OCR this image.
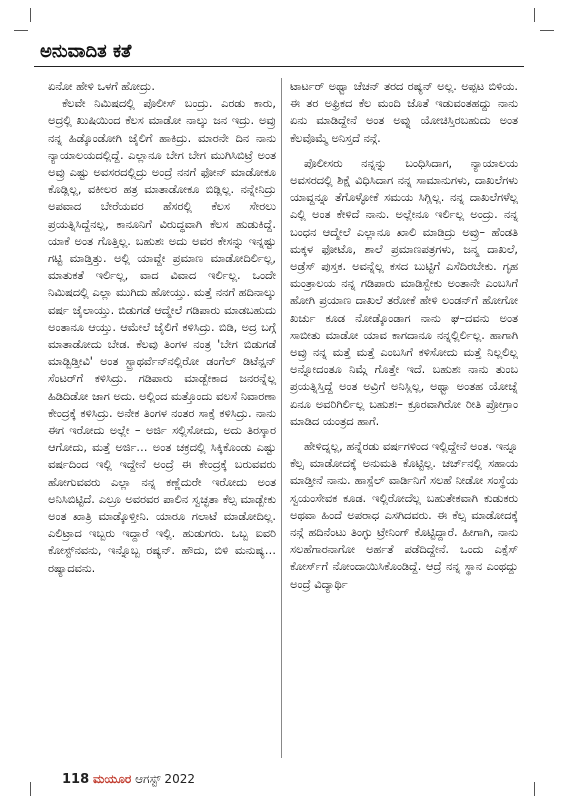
ಅನುವಾದಿತ ಕತೆ

ಏನೋ ಹೇಳಿ ಒಳಗೆ ಹೋದ್ರು.

ಕೆಲವೇ ನಿಮಿಷದಲ್ಲಿ ಪೊಲೀಸ್ ಬಂದ್ರು. ಎರಡು ಕಾರು, ಅದ್ರಲ್ಲಿ ಖುಷಿಯಿಂದ ಕೆಲಸ ಮಾಡೋ ನಾಲ್ಕು ಜನ ಇದ್ರು. ಅವ್ರು ನನ್ನ ಹಿಡ್ಕೊಂಡೋಗಿ ಜೈಲಿಗೆ ಹಾಕಿದ್ರು. ಮಾರನೇ ದಿನ ನಾನು ನ್ಯಾಯಾಲಯದಲ್ಲಿದ್ದೆ. ಎಲ್ಲಾನೂ ಬೇಗ ಬೇಗ ಮುಗಿಸಿಬಿಟ್ರೆ ಅಂತ ಅವ್ರು ಎಷ್ಟು ಅವಸರದಲ್ಲಿದ್ರು ಅಂದ್ರೆ ನನಗೆ ಫೋನ್ ಮಾಡೋಕೂ ಕೊಡ್ಲಿಲ್ಲ, ವಕೀಲರ ಹತ್ರ ಮಾತಾಡೋಕೂ ಬಿಡ್ಲಿಲ್ಲ. ನನ್ನೇನಿದ್ರು ಅಪವಾದ ಬೇರೆಯವರ ಹೆಸರಲ್ಲಿ ಕೆಲಸ ಸೇರಲು ಪ್ರಯತ್ನಿಸಿದ್ದೆನಲ್ಲ, ಕಾನೂನಿಗೆ ವಿರುದ್ಧವಾಗಿ ಕೆಲಸ ಹುಡುಕಿದ್ದೆ. ಯಾಕೆ ಅಂತ ಗೊತ್ತಿಲ್ಲ. ಬಹುಶಃ ಅದು ಅವರ ಕೇಸನ್ನು ಇನ್ನಷ್ಟು ಗಟ್ಟಿ ಮಾಡ್ತಿತ್ತು. ಅಲ್ಲಿ ಯಾವ್ದೇ ಪ್ರಮಾಣ ಮಾಡೋದಿರ್ಲಿಲ್ಲ, ಮಾತುಕತೆ ಇರ್ಲಿಲ್ಲ, ವಾದ ವಿವಾದ ಇರ್ಲಿಲ್ಲ. ಒಂದೇ ನಿಮಿಷದಲ್ಲಿ ಎಲ್ಲಾ ಮುಗಿದು ಹೋಯ್ತು. ಮತ್ತೆ ನನಗೆ ಹದಿನಾಲ್ಕು ವರ್ಷ ಜೈಲಾಯ್ತು. ಬಿಡುಗಡೆ ಆದ್ಮೇಲೆ ಗಡಿಪಾರು ಮಾಡಬಹುದು ಅಂತಾನೂ ಆಯ್ತು. ಆಮೇಲೆ ಜೈಲಿಗೆ ಕಳಿಸಿದ್ರು. ಬಿಡಿ, ಅದ್ರ ಬಗ್ಗೆ ಮಾತಾಡೋದು ಬೇಡ. ಕೆಲವು ತಿಂಗಳ ನಂತ್ರ 'ಬೇಗ ಬಿಡುಗಡೆ ಮಾಡ್ಬಿಡ್ತೀವಿ' ಅಂತ ಸ್ಟ್ರಾಥರ್ವೆನ್‌ನಲ್ಲಿರೋ ಡಂಗೆಲ್ ಡಿಟೆನ್ಷನ್ ಸೆಂಟರ್‌ಗೆ ಕಳಿಸಿದ್ರು. ಗಡಿಪಾರು ಮಾಡ್ಬೇಕಾದ ಜನರನ್ನೆಲ್ಲ ಹಿಡಿದಿಡೋ ಜಾಗ ಅದು. ಅಲ್ಲಿಂದ ಮತ್ತೊಂದು ವಲಸೆ ನಿವಾರಣಾ ಕೇಂದ್ರಕ್ಕೆ ಕಳಿಸಿದ್ರು. ಅನೇಕ ತಿಂಗಳ ನಂತರ ಸಾಕ್ಸೆ ಕಳಿಸಿದ್ರು. ನಾನು ಈಗ ಇರೋದು ಅಲ್ಲೇ – ಅರ್ಜಿ ಸಲ್ಲಿಸೋದು, ಅದು ತಿರಸ್ಕಾರ ಆಗೋದು, ಮತ್ತೆ ಅರ್ಜಿ… ಅಂತ ಚಕ್ರದಲ್ಲಿ ಸಿಕ್ಕಿಕೊಂಡು ಎಷ್ಟು ವರ್ಷದಿಂದ ಇಲ್ಲಿ ಇದ್ದೇನೆ ಅಂದ್ರೆ ಈ ಕೇಂದ್ರಕ್ಕೆ ಬರುವವರು ಹೋಗುವವರು ಎಲ್ಲಾ ನನ್ನ ಕಣ್ಣೆದುರೇ ಇರೋದು ಅಂತ ಅನಿಸಿಬಿಟ್ಟಿದೆ. ಎಲ್ರೂ ಅವರವರ ಪಾಲಿನ ಸ್ವಚ್ಛತಾ ಕೆಲ್ಸ ಮಾಡ್ಬೇಕು ಅಂತ ಖಾತ್ರಿ ಮಾಡ್ಕೊಳ್ತೀನಿ. ಯಾರೂ ಗಲಾಟೆ ಮಾಡೋದಿಲ್ಲ. ಎಲಿಟ್ರಾದ ಇಬ್ಬರು ಇದ್ದಾರೆ ಇಲ್ಲಿ. ಹುಡುಗರು. ಒಬ್ಬ ಐವರಿ ಕೋಸ್ಟ್‌ನವನು, ಇನ್ನೊಬ್ಬ ರಷ್ಯನ್. ಹೌದು, ಬಿಳಿ ಮನುಷ್ಯ… ರಷ್ಯಾದವನು.

ಟಾರ್ಟರ್ ಅಥ್ವಾ ಚೆಚನ್ ತರದ ರಷ್ಯನ್ ಅಲ್ಲ. ಅಪ್ಪಟ ಬಿಳಿಯ. ಈ ತರ ಅಫ್ರಿಕದ ಕೆಲ ಮಂದಿ ಜೊತೆ ಇಡುವಂತಹದ್ದು ನಾನು ಏನು ಮಾಡಿದ್ದೇನೆ ಅಂತ ಅವ್ನು ಯೋಚಿಸ್ತಿರಬಹುದು ಅಂತ ಕೆಲವೊಮ್ಮೆ ಅನಿಸ್ತದೆ ನನ್ಗೆ.

ಪೊಲೀಸರು ನನ್ನನ್ನು ಬಂಧಿಸಿದಾಗ, ನ್ಯಾಯಾಲಯ ಅವಸರದಲ್ಲಿ ಶಿಕ್ಷೆ ವಿಧಿಸಿದಾಗ ನನ್ನ ಸಾಮಾನುಗಳು, ದಾಖಲೆಗಳು ಯಾವ್ದನ್ನೂ ತೆಗೊಳ್ಳೋಕೆ ಸಮಯ ಸಿಗ್ಲಿಲ್ಲ. ನನ್ನ ದಾಖಲೆಗಳೆಲ್ಲ ಎಲ್ಲಿ ಅಂತ ಕೇಳಿದೆ ನಾನು. ಅಲ್ಲೇನೂ ಇರ್ಲಿಲ್ಲ ಅಂದ್ರು. ನನ್ನ ಬಂಧನ ಆದ್ಮೇಲೆ ಎಲ್ಲಾನೂ ಖಾಲಿ ಮಾಡಿದ್ರು ಅವ್ರು– ಹೆಂಡತಿ ಮಕ್ಕಳ ಫೋಟೊ, ಶಾಲೆ ಪ್ರಮಾಣಪತ್ರಗಳು, ಜನ್ಮ ದಾಖಲೆ, ಅಡ್ರೆಸ್ ಪುಸ್ತಕ. ಅವನ್ನೆಲ್ಲ ಕಸದ ಬುಟ್ಟಿಗೆ ಎಸೆದಿರಬೇಕು. ಗೃಹ ಮಂತ್ರಾಲಯ ನನ್ನ ಗಡಿಪಾರು ಮಾಡಿಸ್ಬೇಕು ಅಂತಾನೇ ಎಂಬಸಿಗೆ ಹೋಗಿ ಪ್ರಯಾಣ ದಾಖಲೆ ತರೋಕೆ ಹೇಳಿ ಲಂಡನ್‌ಗೆ ಹೋಗೋ ಖರ್ಚು ಕೂಡ ನೋಡ್ಕೊಂಡಾಗ ನಾನು ಘ–ದವನು ಅಂತ ಸಾಬೀತು ಮಾಡೋ ಯಾವ ಕಾಗದಾನೂ ನನ್ನಲ್ಲಿರ್ಲಿಲ್ಲ. ಹಾಗಾಗಿ ಅವ್ರು ನನ್ನ ಮತ್ತೆ ಮತ್ತೆ ಎಂಬಸಿಗೆ ಕಳಿಸೋದು ಮತ್ತೆ ನಿಲ್ಲಲಿಲ್ಲ ಅನ್ನೋದಂತೂ ನಿಮ್ಗೆ ಗೊತ್ತೇ ಇದೆ. ಬಹುಶಃ ನಾನು ತುಂಬ ಪ್ರಯತ್ನಿಸ್ತಿದ್ದೆ ಅಂತ ಅವ್ರಿಗೆ ಅನಿಸ್ಲಿಲ್ಲ, ಅಥ್ವಾ ಅಂತಹ ಯೋಚ್ನೆ ಏನೂ ಅವರಿಗಿರ್ಲಿಲ್ಲ ಬಹುಶಃ– ಕ್ರೂರವಾಗಿರೋ ರೀತಿ ಪ್ರೋಗ್ರಾಂ ಮಾಡಿದ ಯಂತ್ರದ ಹಾಗೆ.

ಹೇಳಿದ್ನಲ್ಲ, ಹನ್ನೆರಡು ವರ್ಷಗಳಿಂದ ಇಲ್ಲಿದ್ದೇನೆ ಅಂತ. ಇನ್ನೂ ಕೆಲ್ಸ ಮಾಡೋದಕ್ಕೆ ಅನುಮತಿ ಕೊಟ್ಟಿಲ್ಲ. ಚರ್ಚ್‌ನಲ್ಲಿ ಸಹಾಯ ಮಾಡ್ತೀನೆ ನಾನು. ಹಾಸ್ಪೆಲ್ ವಾರ್ಡಿನಿಗೆ ಸಲಹೆ ನೀಡೋ ಸಂಸ್ಥೆಯ ಸ್ವಯಂಸೇವಕ ಕೂಡ. ಇಲ್ಲಿರೋದೆಲ್ಲ ಬಹುತೇಕವಾಗಿ ಕುಡುಕರು ಅಥವಾ ಹಿಂದೆ ಅಪರಾಧ ಎಸಗಿದವರು. ಈ ಕೆಲ್ಸ ಮಾಡೋದಕ್ಕೆ ನನ್ಗೆ ಹದಿನೆಂಟು ತಿಂಗ್ಳು ಟ್ರೇನಿಂಗ್ ಕೊಟ್ಟಿದ್ದಾರೆ. ಹೀಗಾಗಿ, ನಾನು ಸಲಹೆಗಾರನಾಗೋ ಅರ್ಹತೆ ಪಡೆದಿದ್ದೇನೆ. ಒಂದು ಎಕ್ಸೆಸ್ ಕೋರ್ಸ್‌ಗೆ ನೋಂದಾಯಿಸಿಕೊಂಡಿದ್ದೆ. ಆದ್ರೆ ನನ್ನ ಸ್ಥಾನ ಎಂಥದ್ದು ಅಂದ್ರೆ ವಿದ್ಯಾರ್ಥಿ

118 ಮಯೂರ ಆಗಸ್ಟ್ 2022
